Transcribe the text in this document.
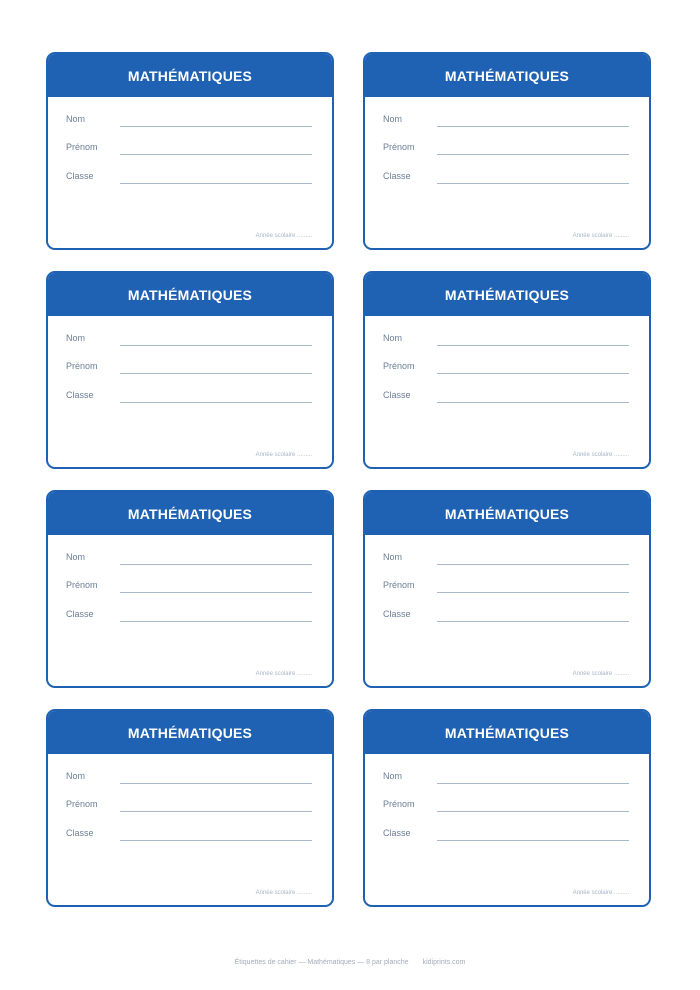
MATHÉMATIQUES
Nom
Prénom
Classe
Année scolaire .........
MATHÉMATIQUES
Nom
Prénom
Classe
Année scolaire .........
MATHÉMATIQUES
Nom
Prénom
Classe
Année scolaire .........
MATHÉMATIQUES
Nom
Prénom
Classe
Année scolaire .........
MATHÉMATIQUES
Nom
Prénom
Classe
Année scolaire .........
MATHÉMATIQUES
Nom
Prénom
Classe
Année scolaire .........
MATHÉMATIQUES
Nom
Prénom
Classe
Année scolaire .........
MATHÉMATIQUES
Nom
Prénom
Classe
Année scolaire .........
Étiquettes de cahier — Mathématiques — 8 par planche kidiprints.com
